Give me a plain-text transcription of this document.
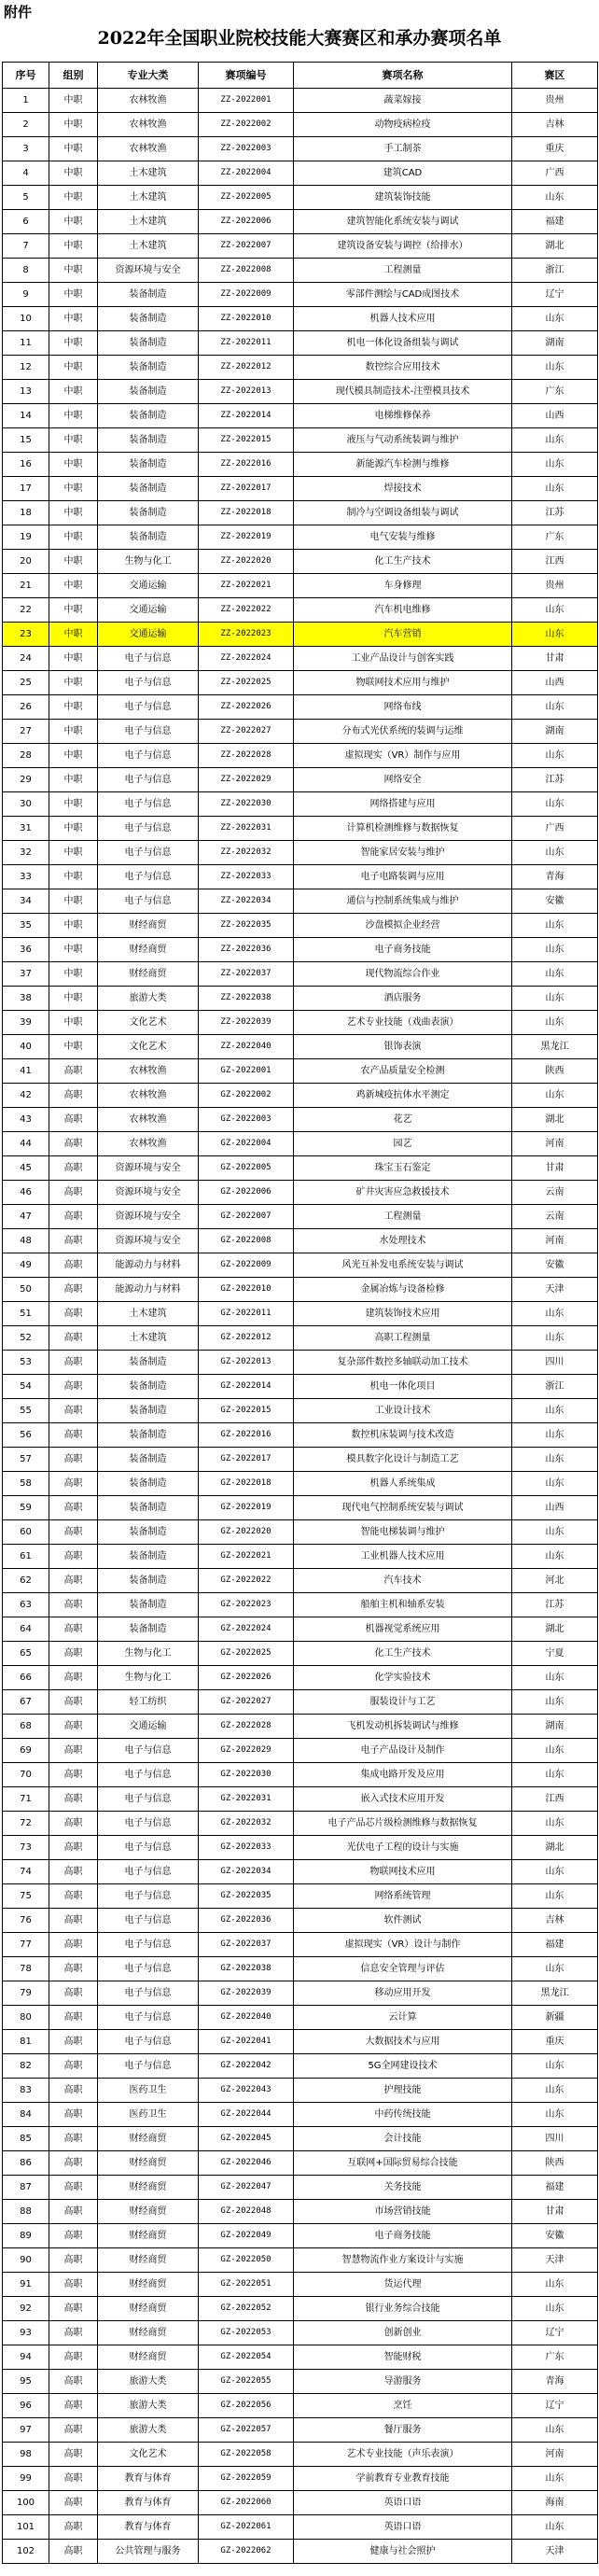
附件
2022年全国职业院校技能大赛赛区和承办赛项名单
序号	组别	专业大类	赛项编号	赛项名称	赛区
1	中职	农林牧渔	ZZ-2022001	蔬菜嫁接	贵州
2	中职	农林牧渔	ZZ-2022002	动物疫病检疫	吉林
3	中职	农林牧渔	ZZ-2022003	手工制茶	重庆
4	中职	土木建筑	ZZ-2022004	建筑CAD	广西
5	中职	土木建筑	ZZ-2022005	建筑装饰技能	山东
6	中职	土木建筑	ZZ-2022006	建筑智能化系统安装与调试	福建
7	中职	土木建筑	ZZ-2022007	建筑设备安装与调控（给排水）	湖北
8	中职	资源环境与安全	ZZ-2022008	工程测量	浙江
9	中职	装备制造	ZZ-2022009	零部件测绘与CAD成图技术	辽宁
10	中职	装备制造	ZZ-2022010	机器人技术应用	山东
11	中职	装备制造	ZZ-2022011	机电一体化设备组装与调试	湖南
12	中职	装备制造	ZZ-2022012	数控综合应用技术	山东
13	中职	装备制造	ZZ-2022013	现代模具制造技术-注塑模具技术	广东
14	中职	装备制造	ZZ-2022014	电梯维修保养	山西
15	中职	装备制造	ZZ-2022015	液压与气动系统装调与维护	山东
16	中职	装备制造	ZZ-2022016	新能源汽车检测与维修	山东
17	中职	装备制造	ZZ-2022017	焊接技术	山东
18	中职	装备制造	ZZ-2022018	制冷与空调设备组装与调试	江苏
19	中职	装备制造	ZZ-2022019	电气安装与维修	广东
20	中职	生物与化工	ZZ-2022020	化工生产技术	江西
21	中职	交通运输	ZZ-2022021	车身修理	贵州
22	中职	交通运输	ZZ-2022022	汽车机电维修	山东
23	中职	交通运输	ZZ-2022023	汽车营销	山东
24	中职	电子与信息	ZZ-2022024	工业产品设计与创客实践	甘肃
25	中职	电子与信息	ZZ-2022025	物联网技术应用与维护	山西
26	中职	电子与信息	ZZ-2022026	网络布线	山东
27	中职	电子与信息	ZZ-2022027	分布式光伏系统的装调与运维	湖南
28	中职	电子与信息	ZZ-2022028	虚拟现实（VR）制作与应用	山东
29	中职	电子与信息	ZZ-2022029	网络安全	江苏
30	中职	电子与信息	ZZ-2022030	网络搭建与应用	山东
31	中职	电子与信息	ZZ-2022031	计算机检测维修与数据恢复	广西
32	中职	电子与信息	ZZ-2022032	智能家居安装与维护	山东
33	中职	电子与信息	ZZ-2022033	电子电路装调与应用	青海
34	中职	电子与信息	ZZ-2022034	通信与控制系统集成与维护	安徽
35	中职	财经商贸	ZZ-2022035	沙盘模拟企业经营	山东
36	中职	财经商贸	ZZ-2022036	电子商务技能	山东
37	中职	财经商贸	ZZ-2022037	现代物流综合作业	山东
38	中职	旅游大类	ZZ-2022038	酒店服务	山东
39	中职	文化艺术	ZZ-2022039	艺术专业技能（戏曲表演）	山东
40	中职	文化艺术	ZZ-2022040	银饰表演	黑龙江
41	高职	农林牧渔	GZ-2022001	农产品质量安全检测	陕西
42	高职	农林牧渔	GZ-2022002	鸡新城疫抗体水平测定	山东
43	高职	农林牧渔	GZ-2022003	花艺	湖北
44	高职	农林牧渔	GZ-2022004	园艺	河南
45	高职	资源环境与安全	GZ-2022005	珠宝玉石鉴定	甘肃
46	高职	资源环境与安全	GZ-2022006	矿井灾害应急救援技术	云南
47	高职	资源环境与安全	GZ-2022007	工程测量	云南
48	高职	资源环境与安全	GZ-2022008	水处理技术	河南
49	高职	能源动力与材料	GZ-2022009	风光互补发电系统安装与调试	安徽
50	高职	能源动力与材料	GZ-2022010	金属冶炼与设备检修	天津
51	高职	土木建筑	GZ-2022011	建筑装饰技术应用	山东
52	高职	土木建筑	GZ-2022012	高职工程测量	山东
53	高职	装备制造	GZ-2022013	复杂部件数控多轴联动加工技术	四川
54	高职	装备制造	GZ-2022014	机电一体化项目	浙江
55	高职	装备制造	GZ-2022015	工业设计技术	山东
56	高职	装备制造	GZ-2022016	数控机床装调与技术改造	山东
57	高职	装备制造	GZ-2022017	模具数字化设计与制造工艺	山东
58	高职	装备制造	GZ-2022018	机器人系统集成	山东
59	高职	装备制造	GZ-2022019	现代电气控制系统安装与调试	山西
60	高职	装备制造	GZ-2022020	智能电梯装调与维护	山东
61	高职	装备制造	GZ-2022021	工业机器人技术应用	山东
62	高职	装备制造	GZ-2022022	汽车技术	河北
63	高职	装备制造	GZ-2022023	船舶主机和轴系安装	江苏
64	高职	装备制造	GZ-2022024	机器视觉系统应用	湖北
65	高职	生物与化工	GZ-2022025	化工生产技术	宁夏
66	高职	生物与化工	GZ-2022026	化学实验技术	山东
67	高职	轻工纺织	GZ-2022027	服装设计与工艺	山东
68	高职	交通运输	GZ-2022028	飞机发动机拆装调试与维修	湖南
69	高职	电子与信息	GZ-2022029	电子产品设计及制作	山东
70	高职	电子与信息	GZ-2022030	集成电路开发及应用	山东
71	高职	电子与信息	GZ-2022031	嵌入式技术应用开发	江西
72	高职	电子与信息	GZ-2022032	电子产品芯片级检测维修与数据恢复	山东
73	高职	电子与信息	GZ-2022033	光伏电子工程的设计与实施	湖北
74	高职	电子与信息	GZ-2022034	物联网技术应用	山东
75	高职	电子与信息	GZ-2022035	网络系统管理	山东
76	高职	电子与信息	GZ-2022036	软件测试	吉林
77	高职	电子与信息	GZ-2022037	虚拟现实（VR）设计与制作	福建
78	高职	电子与信息	GZ-2022038	信息安全管理与评估	山东
79	高职	电子与信息	GZ-2022039	移动应用开发	黑龙江
80	高职	电子与信息	GZ-2022040	云计算	新疆
81	高职	电子与信息	GZ-2022041	大数据技术与应用	重庆
82	高职	电子与信息	GZ-2022042	5G全网建设技术	山东
83	高职	医药卫生	GZ-2022043	护理技能	山东
84	高职	医药卫生	GZ-2022044	中药传统技能	山东
85	高职	财经商贸	GZ-2022045	会计技能	四川
86	高职	财经商贸	GZ-2022046	互联网+国际贸易综合技能	陕西
87	高职	财经商贸	GZ-2022047	关务技能	福建
88	高职	财经商贸	GZ-2022048	市场营销技能	甘肃
89	高职	财经商贸	GZ-2022049	电子商务技能	安徽
90	高职	财经商贸	GZ-2022050	智慧物流作业方案设计与实施	天津
91	高职	财经商贸	GZ-2022051	货运代理	山东
92	高职	财经商贸	GZ-2022052	银行业务综合技能	山东
93	高职	财经商贸	GZ-2022053	创新创业	辽宁
94	高职	财经商贸	GZ-2022054	智能财税	广东
95	高职	旅游大类	GZ-2022055	导游服务	青海
96	高职	旅游大类	GZ-2022056	烹饪	辽宁
97	高职	旅游大类	GZ-2022057	餐厅服务	山东
98	高职	文化艺术	GZ-2022058	艺术专业技能（声乐表演）	河南
99	高职	教育与体育	GZ-2022059	学前教育专业教育技能	山东
100	高职	教育与体育	GZ-2022060	英语口语	海南
101	高职	教育与体育	GZ-2022061	英语口语	山东
102	高职	公共管理与服务	GZ-2022062	健康与社会照护	天津
